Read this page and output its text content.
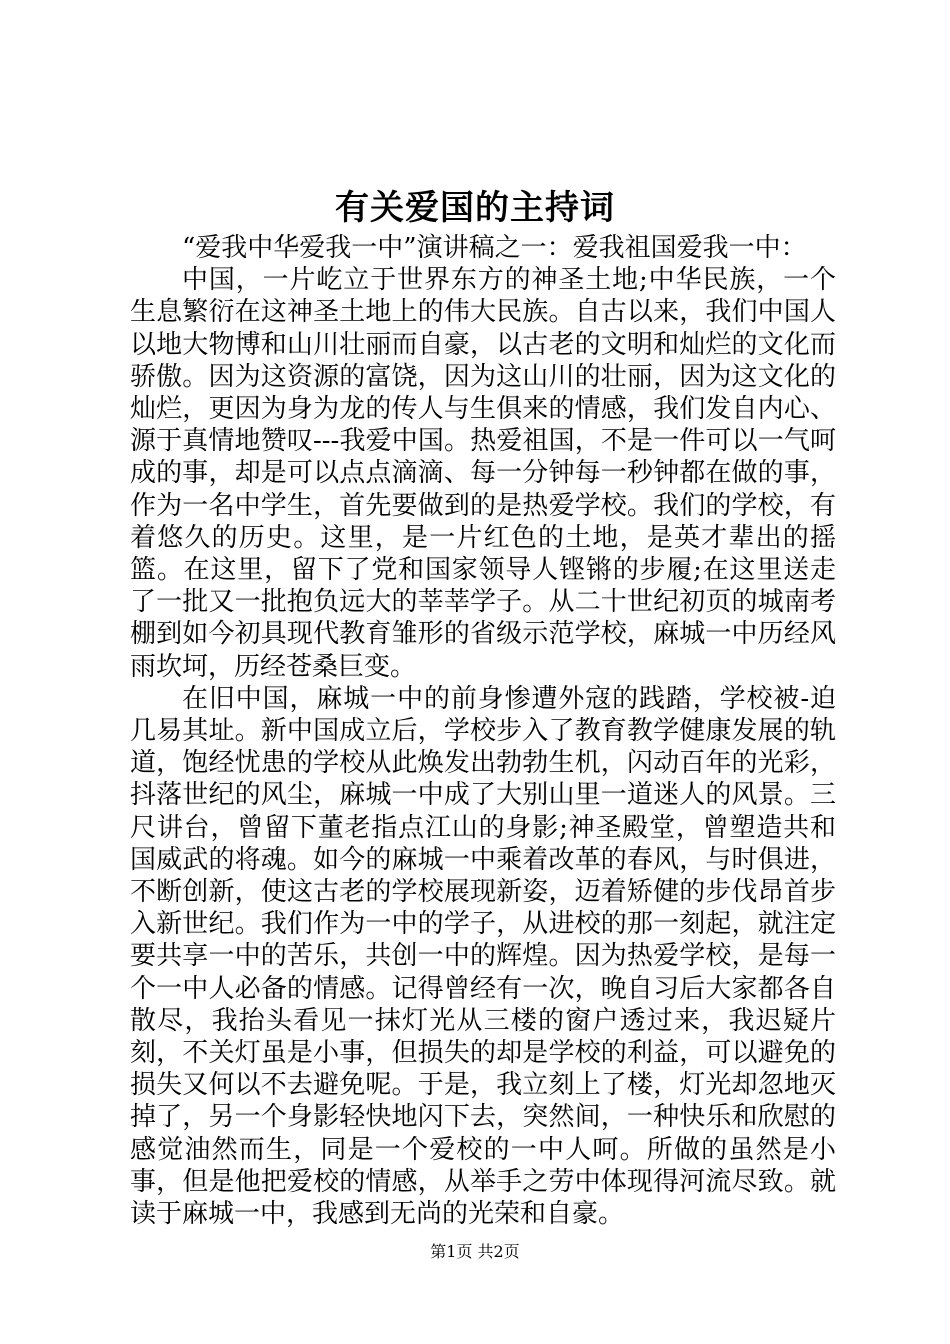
有关爱国的主持词

“爱我中华爱我一中”演讲稿之一：爱我祖国爱我一中：

中国，一片屹立于世界东方的神圣土地;中华民族，一个生息繁衍在这神圣土地上的伟大民族。自古以来，我们中国人以地大物博和山川壮丽而自豪，以古老的文明和灿烂的文化而骄傲。因为这资源的富饶，因为这山川的壮丽，因为这文化的灿烂，更因为身为龙的传人与生俱来的情感，我们发自内心、源于真情地赞叹---我爱中国。热爱祖国，不是一件可以一气呵成的事，却是可以点点滴滴、每一分钟每一秒钟都在做的事，作为一名中学生，首先要做到的是热爱学校。我们的学校，有着悠久的历史。这里，是一片红色的土地，是英才辈出的摇篮。在这里，留下了党和国家领导人铿锵的步履;在这里送走了一批又一批抱负远大的莘莘学子。从二十世纪初页的城南考棚到如今初具现代教育雏形的省级示范学校，麻城一中历经风雨坎坷，历经苍桑巨变。

在旧中国，麻城一中的前身惨遭外寇的践踏，学校被-迫几易其址。新中国成立后，学校步入了教育教学健康发展的轨道，饱经忧患的学校从此焕发出勃勃生机，闪动百年的光彩，抖落世纪的风尘，麻城一中成了大别山里一道迷人的风景。三尺讲台，曾留下董老指点江山的身影;神圣殿堂，曾塑造共和国威武的将魂。如今的麻城一中乘着改革的春风，与时俱进，不断创新，使这古老的学校展现新姿，迈着矫健的步伐昂首步入新世纪。我们作为一中的学子，从进校的那一刻起，就注定要共享一中的苦乐，共创一中的辉煌。因为热爱学校，是每一个一中人必备的情感。记得曾经有一次，晚自习后大家都各自散尽，我抬头看见一抹灯光从三楼的窗户透过来，我迟疑片刻，不关灯虽是小事，但损失的却是学校的利益，可以避免的损失又何以不去避免呢。于是，我立刻上了楼，灯光却忽地灭掉了，另一个身影轻快地闪下去，突然间，一种快乐和欣慰的感觉油然而生，同是一个爱校的一中人呵。所做的虽然是小事，但是他把爱校的情感，从举手之劳中体现得河流尽致。就读于麻城一中，我感到无尚的光荣和自豪。

第1页 共2页
